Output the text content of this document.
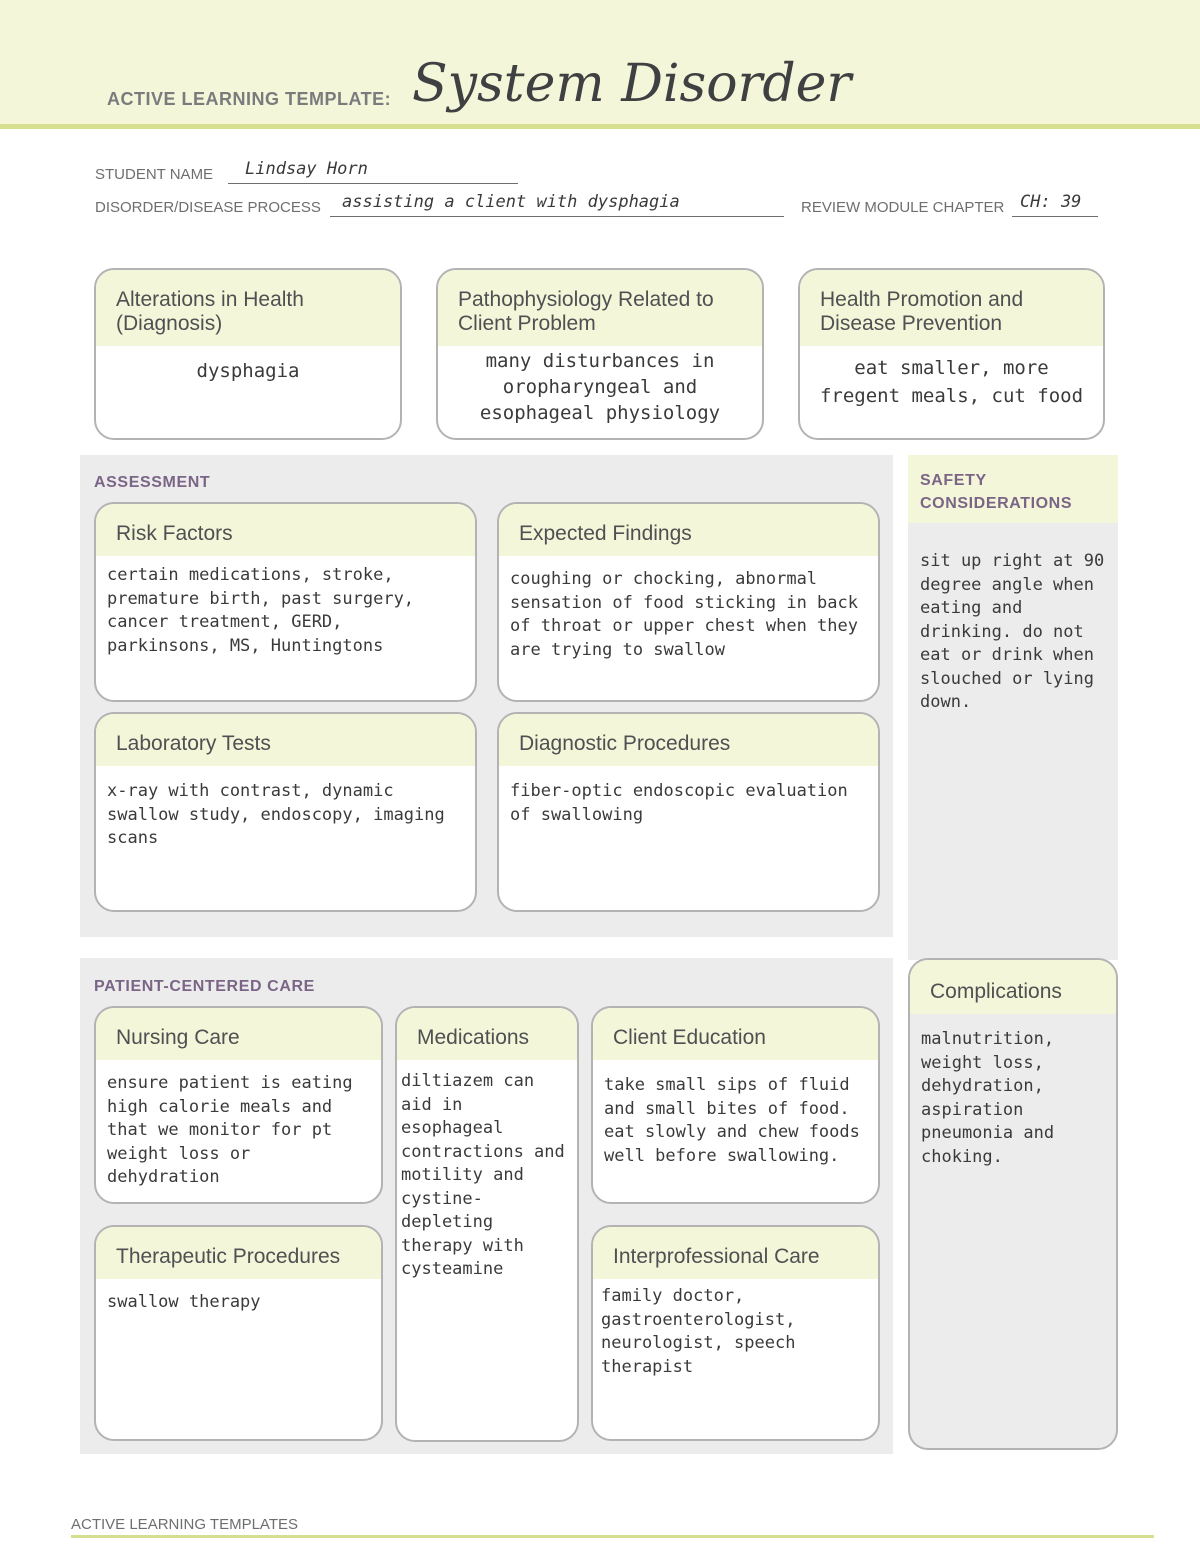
ACTIVE LEARNING TEMPLATE: System Disorder
STUDENT NAME Lindsay Horn
DISORDER/DISEASE PROCESS assisting a client with dysphagia	REVIEW MODULE CHAPTER CH: 39
Alterations in Health (Diagnosis)
dysphagia
Pathophysiology Related to Client Problem
many disturbances in oropharyngeal and esophageal physiology
Health Promotion and Disease Prevention
eat smaller, more fregent meals, cut food
ASSESSMENT
Risk Factors
certain medications, stroke, premature birth, past surgery, cancer treatment, GERD, parkinsons, MS, Huntingtons
Expected Findings
coughing or chocking, abnormal sensation of food sticking in back of throat or upper chest when they are trying to swallow
Laboratory Tests
x-ray with contrast, dynamic swallow study, endoscopy, imaging scans
Diagnostic Procedures
fiber-optic endoscopic evaluation of swallowing
SAFETY CONSIDERATIONS
sit up right at 90 degree angle when eating and drinking. do not eat or drink when slouched or lying down.
PATIENT-CENTERED CARE
Nursing Care
ensure patient is eating high calorie meals and that we monitor for pt weight loss or dehydration
Medications
diltiazem can aid in esophageal contractions and motility and cystine-depleting therapy with cysteamine
Client Education
take small sips of fluid and small bites of food. eat slowly and chew foods well before swallowing.
Therapeutic Procedures
swallow therapy
Interprofessional Care
family doctor, gastroenterologist, neurologist, speech therapist
Complications
malnutrition, weight loss, dehydration, aspiration pneumonia and choking.
ACTIVE LEARNING TEMPLATES
